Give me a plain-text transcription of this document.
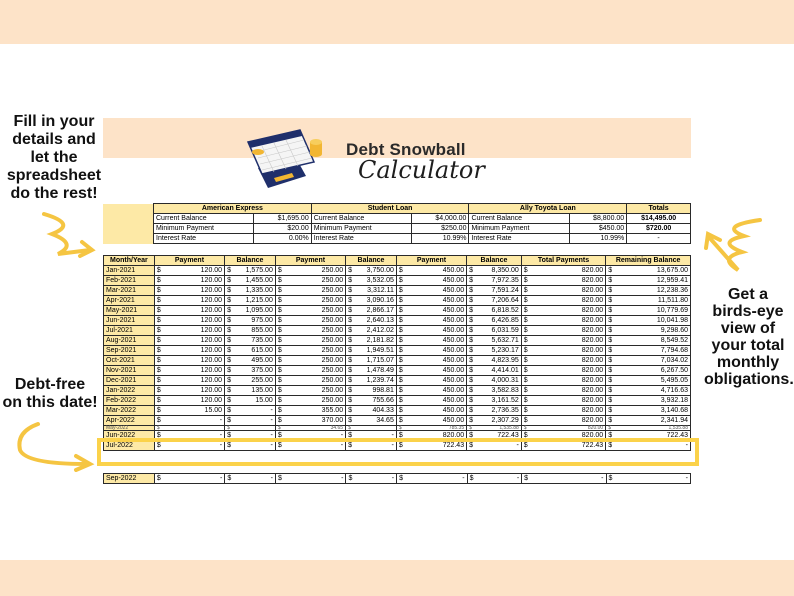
Debt Snowball
Calculator
Fill in your
details and
let the
spreadsheet
do the rest!
Debt-free
on this date!
Get a
birds-eye
view of
your total
monthly
obligations.
American Express		Student Loan		Ally Toyota Loan		Totals
Current Balance	$1,695.00	Current Balance	$4,000.00	Current Balance	$8,800.00	$14,495.00
Minimum Payment	$20.00	Minimum Payment	$250.00	Minimum Payment	$450.00	$720.00
Interest Rate	0.00%	Interest Rate	10.99%	Interest Rate	10.99%	-
Month/Year	Payment		Balance		Payment		Balance		Payment		Balance		Total Payments		Remaining Balance	
Jan-2021	$	120.00	$	1,575.00	$	250.00	$	3,750.00	$	450.00	$	8,350.00	$	820.00	$	13,675.00
Feb-2021	$	120.00	$	1,455.00	$	250.00	$	3,532.05	$	450.00	$	7,972.35	$	820.00	$	12,959.41
Mar-2021	$	120.00	$	1,335.00	$	250.00	$	3,312.11	$	450.00	$	7,591.24	$	820.00	$	12,238.36
Apr-2021	$	120.00	$	1,215.00	$	250.00	$	3,090.16	$	450.00	$	7,206.64	$	820.00	$	11,511.80
May-2021	$	120.00	$	1,095.00	$	250.00	$	2,866.17	$	450.00	$	6,818.52	$	820.00	$	10,779.69
Jun-2021	$	120.00	$	975.00	$	250.00	$	2,640.13	$	450.00	$	6,426.85	$	820.00	$	10,041.98
Jul-2021	$	120.00	$	855.00	$	250.00	$	2,412.02	$	450.00	$	6,031.59	$	820.00	$	9,298.60
Aug-2021	$	120.00	$	735.00	$	250.00	$	2,181.82	$	450.00	$	5,632.71	$	820.00	$	8,549.52
Sep-2021	$	120.00	$	615.00	$	250.00	$	1,949.51	$	450.00	$	5,230.17	$	820.00	$	7,794.68
Oct-2021	$	120.00	$	495.00	$	250.00	$	1,715.07	$	450.00	$	4,823.95	$	820.00	$	7,034.02
Nov-2021	$	120.00	$	375.00	$	250.00	$	1,478.49	$	450.00	$	4,414.01	$	820.00	$	6,267.50
Dec-2021	$	120.00	$	255.00	$	250.00	$	1,239.74	$	450.00	$	4,000.31	$	820.00	$	5,495.05
Jan-2022	$	120.00	$	135.00	$	250.00	$	998.81	$	450.00	$	3,582.83	$	820.00	$	4,716.63
Feb-2022	$	120.00	$	15.00	$	250.00	$	755.66	$	450.00	$	3,161.52	$	820.00	$	3,932.18
Mar-2022	$	15.00	$	-	$	355.00	$	404.33	$	450.00	$	2,736.35	$	820.00	$	3,140.68
Apr-2022	$	-	$	-	$	370.00	$	34.65	$	450.00	$	2,307.29	$	820.00	$	2,341.94
May-2022	$		$		$	34.65	$		$	785.35	$	1,535.88	$	820.00	$	1,535.88
Jun-2022	$	-	$	-	$	-	$	-	$	820.00	$	722.43	$	820.00	$	722.43
Jul-2022	$	-	$	-	$	-	$	-	$	722.43	$	-	$	722.43	$	-
Sep-2022	$	-	$	-	$	-	$	-	$	-	$	-	$	-	$	-
